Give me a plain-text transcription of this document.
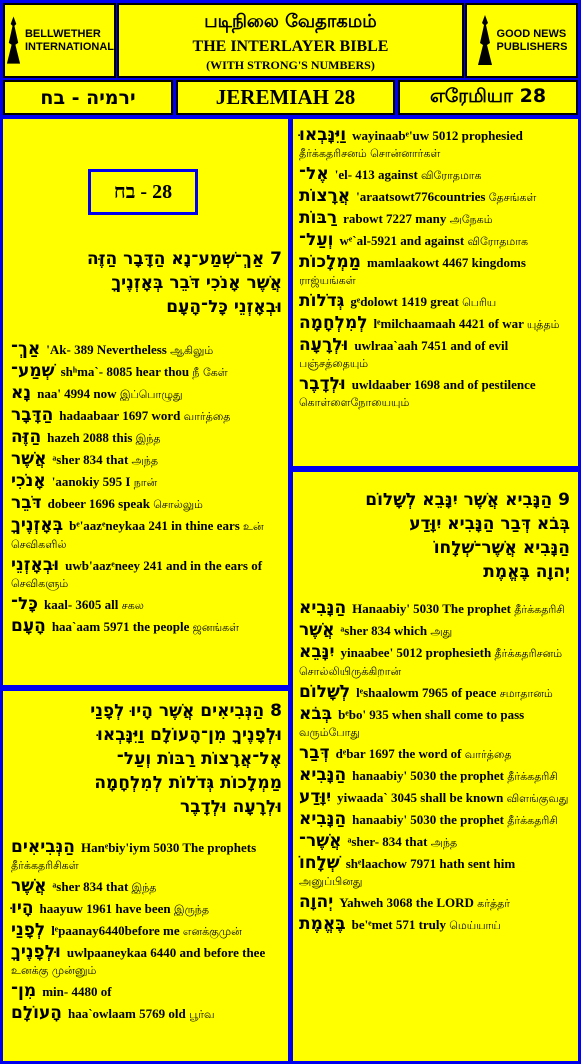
BELLWETHER
INTERNATIONAL
படிநிலை வேதாகமம்
THE INTERLAYER BIBLE
(WITH STRONG'S NUMBERS)
GOOD NEWS
PUBLISHERS
ירמיה - בח	JEREMIAH 28	எரேமியா 28
28 - בח
7 אַךְ־שְׁמַע־נָא הַדָּבָר הַזֶּה
אֲשֶׁר אָנֹכִי דֹּבֵר בְּאָזְנֶיךָ
וּבְאָזְנֵי כָּל־הָעָם
אַךְ־ 'Ak- 389 Nevertheless ஆகிலும்
שְׁמַע־ shʰma`- 8085 hear thou நீ கேள்
נָא naa' 4994 now இப்பொழுது
הַדָּבָר hadaabaar 1697 word வார்த்தை
הַזֶּה hazeh 2088 this இந்த
אֲשֶׁר ᵃsher 834 that அந்த
אָנֹכִי 'aanokiy 595 I நான்
דֹּבֵר dobeer 1696 speak சொல்லும்
בְּאָזְנֶיךָ bᵉ'aazᵉneykaa 241 in thine ears உன் செவிகளில்
וּבְאָזְנֵי uwb'aazᵉneey 241 and in the ears of செவிகளும்
כָּל־ kaal- 3605 all சகல
הָעָם haa`aam 5971 the people ஜனங்கள்
8 הַנְּבִיאִים אֲשֶׁר הָיוּ לְפָנַי
וּלְפָנֶיךָ מִן־הָעוֹלָם וַיִּנָּבְאוּ
אֶל־אֲרָצוֹת רַבּוֹת וְעַל־
מַמְלָכוֹת גְּדֹלוֹת לְמִלְחָמָה
וּלְרָעָה וּלְדָבֶר
הַנְּבִיאִים Hanᵉbiy'iym 5030 The prophets தீர்க்கதரிசிகள்
אֲשֶׁר ᵃsher 834 that இந்த
הָיוּ haayuw 1961 have been இருந்த
לְפָנַי lᵉpaanay6440before me எனக்குமுன்
וּלְפָנֶיךָ uwlpaaneykaa 6440 and before thee உனக்கு முன்னும்
מִן־ min- 4480 of
הָעוֹלָם haa`owlaam 5769 old பூர்வ
וַיִּנָּבְאוּ wayinaabᵉ'uw 5012 prophesied தீர்க்கதரிசனம் சொன்னார்கள்
אֶל־ 'el- 413 against விரோதமாக
אֲרָצוֹת 'araatsowt776countries தேசங்கள்
רַבּוֹת rabowt 7227 many அநேகம்
וְעַל־ wᵉ`al-5921 and against விரோதமாக
מַמְלָכוֹת mamlaakowt 4467 kingdoms ராஜ்யங்கள்
גְּדֹלוֹת gᵉdolowt 1419 great பெரிய
לְמִלְחָמָה lᵉmilchaamaah 4421 of war யுத்தம்
וּלְרָעָה uwlraa`aah 7451 and of evil பஞ்சத்தையும்
וּלְדָבֶר uwldaaber 1698 and of pestilence கொள்ளைநோயையும்
9 הַנָּבִיא אֲשֶׁר יִנָּבֵא לְשָׁלוֹם
בְּבֹא דְּבַר הַנָּבִיא יִוָּדַע
הַנָּבִיא אֲשֶׁר־שְׁלָחוֹ
יְהוָה בֶּאֱמֶת
הַנָּבִיא Hanaabiy' 5030 The prophet தீர்க்கதரிசி
אֲשֶׁר ᵃsher 834 which அது
יִנָּבֵא yinaabee' 5012 prophesieth தீர்க்கதரிசனம் சொல்லியிருக்கிறான்
לְשָׁלוֹם lᵉshaalowm 7965 of peace சமாதானம்
בְּבֹא bᵉbo' 935 when shall come to pass வரும்போது
דְּבַר dᵉbar 1697 the word of வார்த்தை
הַנָּבִיא hanaabiy' 5030 the prophet தீர்க்கதரிசி
יִוָּדַע yiwaada` 3045 shall be known விளங்குவது
הַנָּבִיא hanaabiy' 5030 the prophet தீர்க்கதரிசி
אֲשֶׁר־ ᵃsher- 834 that அந்த
שְׁלָחוֹ shᵉlaachow 7971 hath sent him அனுப்பினது
יְהוָה Yahweh 3068 the LORD கர்த்தர்
בֶּאֱמֶת be'ᵉmet 571 truly மெய்யாய்
